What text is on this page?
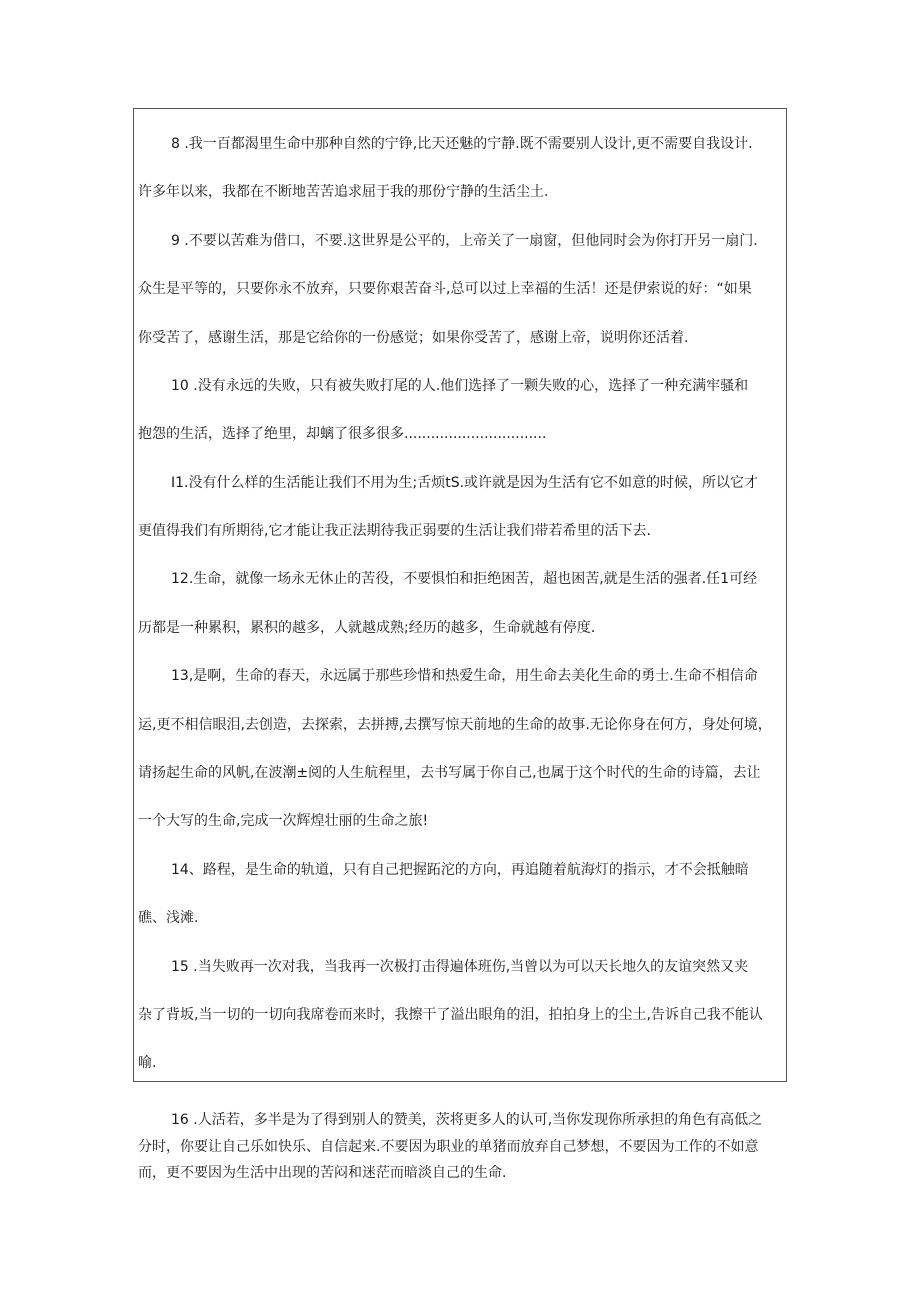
8 .我一百都渴里生命中那种自然的宁铮,比天还魅的宁静.既不需要别人设计,更不需要自我设计.
许多年以来，我都在不断地苦苦追求屈于我的那份宁静的生活尘土.
9 .不要以苦难为借口，不要.这世界是公平的，上帝关了一扇窗，但他同时会为你打开另一扇门.
众生是平等的，只要你永不放弃，只要你艰苦奋斗,总可以过上幸福的生活！还是伊索说的好：“如果
你受苦了，感谢生活，那是它给你的一份感觉；如果你受苦了，感谢上帝，说明你还活着.
10 .没有永远的失败，只有被失败打尾的人.他们选择了一颗失败的心，选择了一种充满牢骚和
抱怨的生活，选择了绝里，却螭了很多很多................................
I1.没有什么样的生活能让我们不用为生;舌烦tS.或许就是因为生活有它不如意的时候，所以它才
更值得我们有所期待,它才能让我正法期待我正弱要的生活让我们带若希里的活下去.
12.生命，就像一场永无休止的苦役，不要惧怕和拒绝困苦，超也困苦,就是生活的强者.任1可经
历都是一种累积，累积的越多，人就越成熟;经历的越多，生命就越有停度.
13,是啊，生命的春天，永远属于那些珍惜和热爱生命，用生命去美化生命的勇士.生命不相信命
运,更不相信眼泪,去创造，去探索，去拼搏,去撰写惊天前地的生命的故事.无论你身在何方，身处何境，
请扬起生命的风帆,在波潮±阅的人生航程里，去书写属于你自己,也属于这个时代的生命的诗篇，去让
一个大写的生命,完成一次辉煌壮丽的生命之旅!
14、路程，是生命的轨道，只有自己把握跖沱的方向，再追随着航海灯的指示，才不会抵触暗
礁、浅滩.
15 .当失败再一次对我，当我再一次极打击得遍体班伤,当曾以为可以天长地久的友谊突然又夹
杂了背坂,当一切的一切向我席卷而来时，我擦干了溢出眼角的泪，拍拍身上的尘土,告诉自己我不能认
喻.
16 .人活若，多半是为了得到别人的赞美，茨将更多人的认可,当你发现你所承担的角色有高低之
分时，你要让自己乐如快乐、自信起来.不要因为职业的单猪而放弃自己梦想，不要因为工作的不如意
而，更不要因为生活中出现的苦闷和迷茫而暗淡自己的生命.
